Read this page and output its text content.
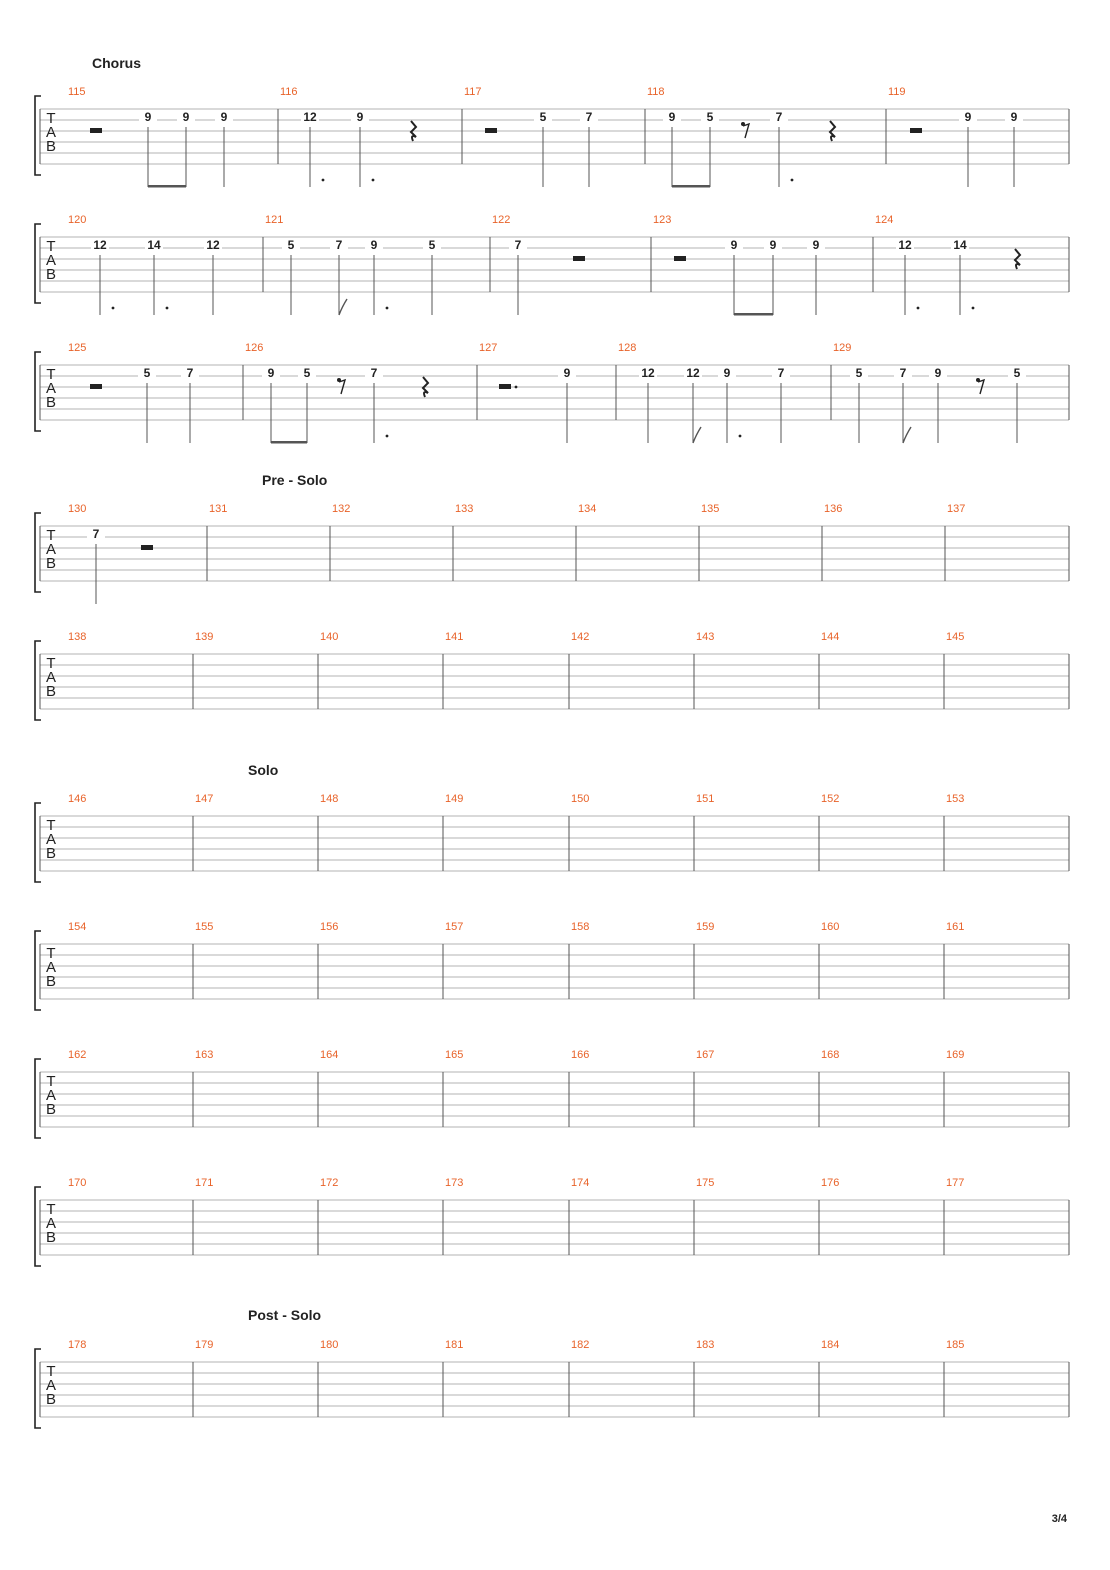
Chorus
Pre - Solo
Solo
Post - Solo
T
A
B
115
9	9	9
116
12	9
117
5	7
118
9	5	7
119
9	9
T
A
B
120
12	14	12
121
5	7 9	5
122
7
123
9	9	9
124
12	14
T
A
B
125
5	7
126
9 5	7
127
9
128
12	12 9	7
129
5	7 9	5
T
A
B
130
7
131	132	133	134	135	136	137
T
A
B
138	139	140	141	142	143	144	145
T
A
B
146	147	148	149	150	151	152	153
T
A
B
154	155	156	157	158	159	160	161
T
A
B
162	163	164	165	166	167	168	169
T
A
B
170	171	172	173	174	175	176	177
T
A
B
178	179	180	181	182	183	184	185
3/4
